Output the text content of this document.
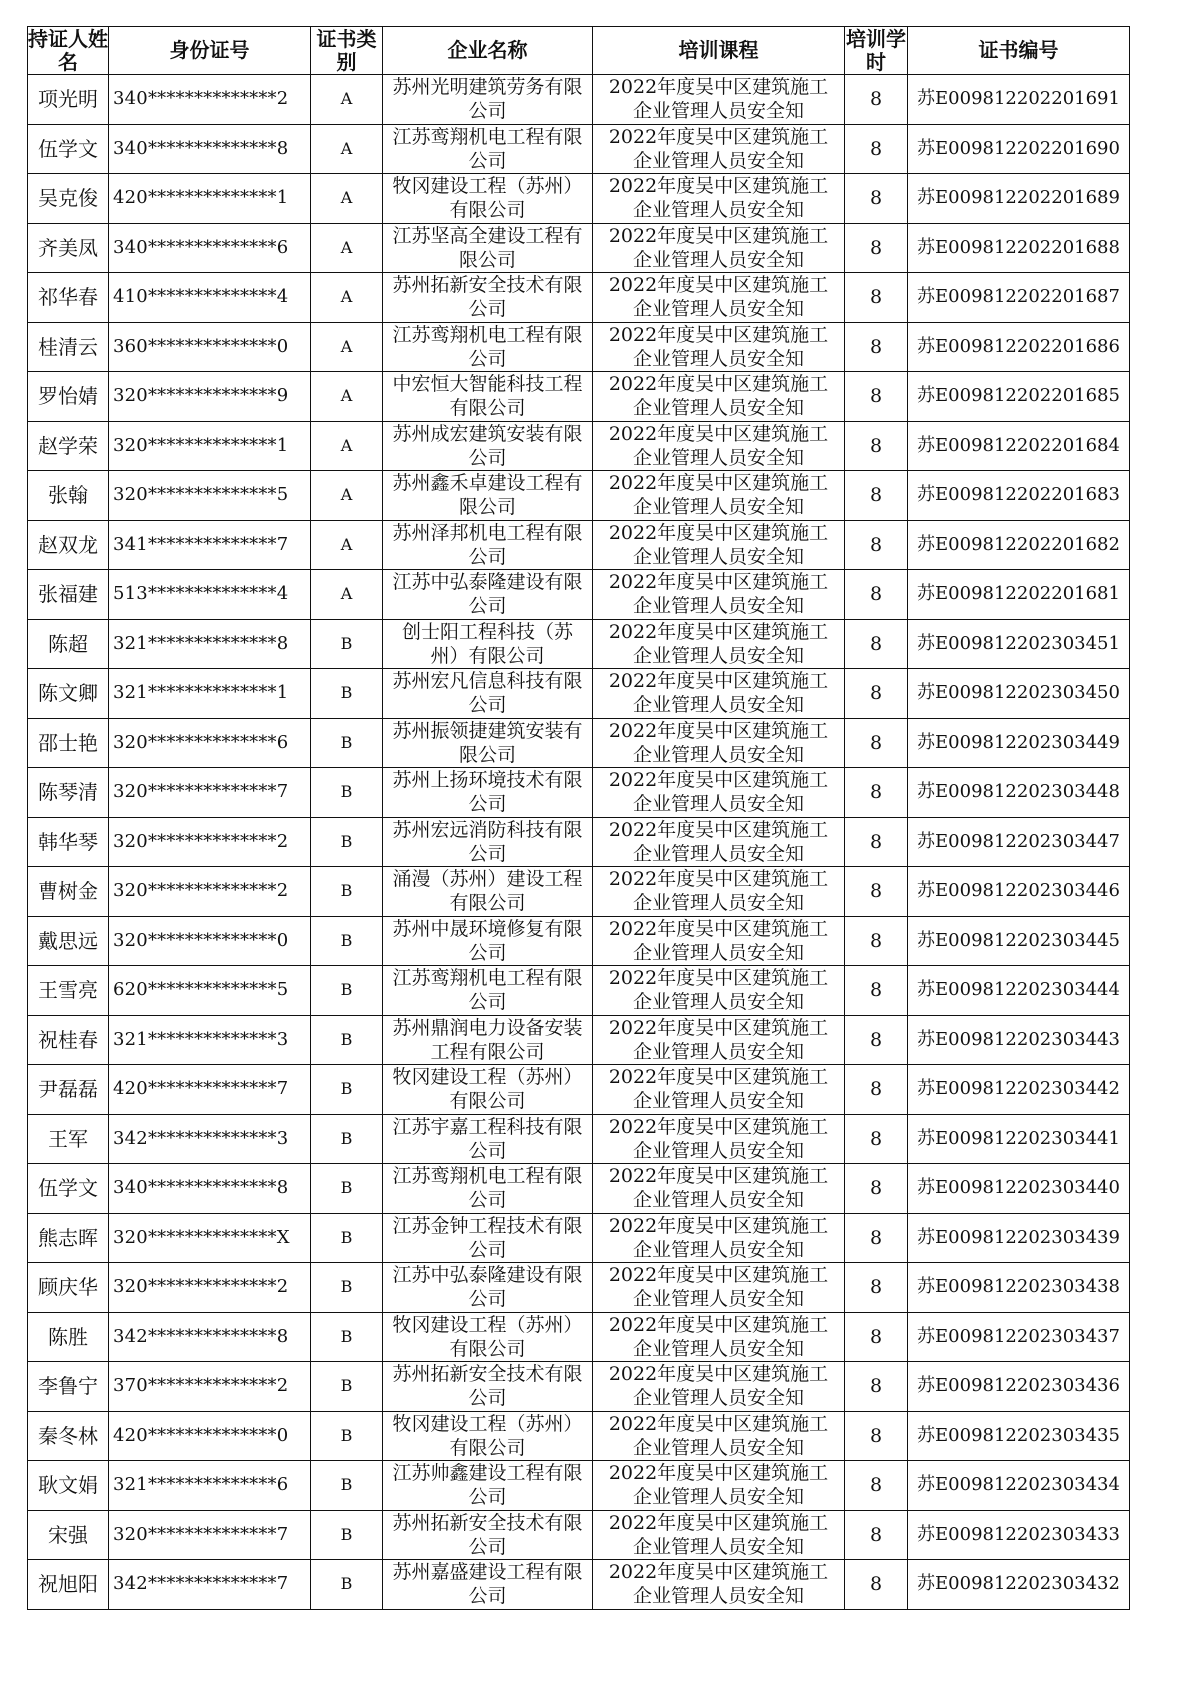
持证人姓名	身份证号	证书类别	企业名称	培训课程	培训学时	证书编号
项光明	340**************2	A	苏州光明建筑劳务有限公司	2022年度吴中区建筑施工企业管理人员安全知	8	苏E009812202201691
伍学文	340**************8	A	江苏鸾翔机电工程有限公司	2022年度吴中区建筑施工企业管理人员安全知	8	苏E009812202201690
吴克俊	420**************1	A	牧冈建设工程（苏州）有限公司	2022年度吴中区建筑施工企业管理人员安全知	8	苏E009812202201689
齐美凤	340**************6	A	江苏坚高全建设工程有限公司	2022年度吴中区建筑施工企业管理人员安全知	8	苏E009812202201688
祁华春	410**************4	A	苏州拓新安全技术有限公司	2022年度吴中区建筑施工企业管理人员安全知	8	苏E009812202201687
桂清云	360**************0	A	江苏鸾翔机电工程有限公司	2022年度吴中区建筑施工企业管理人员安全知	8	苏E009812202201686
罗怡婧	320**************9	A	中宏恒大智能科技工程有限公司	2022年度吴中区建筑施工企业管理人员安全知	8	苏E009812202201685
赵学荣	320**************1	A	苏州成宏建筑安装有限公司	2022年度吴中区建筑施工企业管理人员安全知	8	苏E009812202201684
张翰	320**************5	A	苏州鑫禾卓建设工程有限公司	2022年度吴中区建筑施工企业管理人员安全知	8	苏E009812202201683
赵双龙	341**************7	A	苏州泽邦机电工程有限公司	2022年度吴中区建筑施工企业管理人员安全知	8	苏E009812202201682
张福建	513**************4	A	江苏中弘泰隆建设有限公司	2022年度吴中区建筑施工企业管理人员安全知	8	苏E009812202201681
陈超	321**************8	B	创士阳工程科技（苏州）有限公司	2022年度吴中区建筑施工企业管理人员安全知	8	苏E009812202303451
陈文卿	321**************1	B	苏州宏凡信息科技有限公司	2022年度吴中区建筑施工企业管理人员安全知	8	苏E009812202303450
邵士艳	320**************6	B	苏州振领捷建筑安装有限公司	2022年度吴中区建筑施工企业管理人员安全知	8	苏E009812202303449
陈琴清	320**************7	B	苏州上扬环境技术有限公司	2022年度吴中区建筑施工企业管理人员安全知	8	苏E009812202303448
韩华琴	320**************2	B	苏州宏远消防科技有限公司	2022年度吴中区建筑施工企业管理人员安全知	8	苏E009812202303447
曹树金	320**************2	B	涌漫（苏州）建设工程有限公司	2022年度吴中区建筑施工企业管理人员安全知	8	苏E009812202303446
戴思远	320**************0	B	苏州中晟环境修复有限公司	2022年度吴中区建筑施工企业管理人员安全知	8	苏E009812202303445
王雪亮	620**************5	B	江苏鸾翔机电工程有限公司	2022年度吴中区建筑施工企业管理人员安全知	8	苏E009812202303444
祝桂春	321**************3	B	苏州鼎润电力设备安装工程有限公司	2022年度吴中区建筑施工企业管理人员安全知	8	苏E009812202303443
尹磊磊	420**************7	B	牧冈建设工程（苏州）有限公司	2022年度吴中区建筑施工企业管理人员安全知	8	苏E009812202303442
王军	342**************3	B	江苏宇嘉工程科技有限公司	2022年度吴中区建筑施工企业管理人员安全知	8	苏E009812202303441
伍学文	340**************8	B	江苏鸾翔机电工程有限公司	2022年度吴中区建筑施工企业管理人员安全知	8	苏E009812202303440
熊志晖	320**************X	B	江苏金钟工程技术有限公司	2022年度吴中区建筑施工企业管理人员安全知	8	苏E009812202303439
顾庆华	320**************2	B	江苏中弘泰隆建设有限公司	2022年度吴中区建筑施工企业管理人员安全知	8	苏E009812202303438
陈胜	342**************8	B	牧冈建设工程（苏州）有限公司	2022年度吴中区建筑施工企业管理人员安全知	8	苏E009812202303437
李鲁宁	370**************2	B	苏州拓新安全技术有限公司	2022年度吴中区建筑施工企业管理人员安全知	8	苏E009812202303436
秦冬林	420**************0	B	牧冈建设工程（苏州）有限公司	2022年度吴中区建筑施工企业管理人员安全知	8	苏E009812202303435
耿文娟	321**************6	B	江苏帅鑫建设工程有限公司	2022年度吴中区建筑施工企业管理人员安全知	8	苏E009812202303434
宋强	320**************7	B	苏州拓新安全技术有限公司	2022年度吴中区建筑施工企业管理人员安全知	8	苏E009812202303433
祝旭阳	342**************7	B	苏州嘉盛建设工程有限公司	2022年度吴中区建筑施工企业管理人员安全知	8	苏E009812202303432
